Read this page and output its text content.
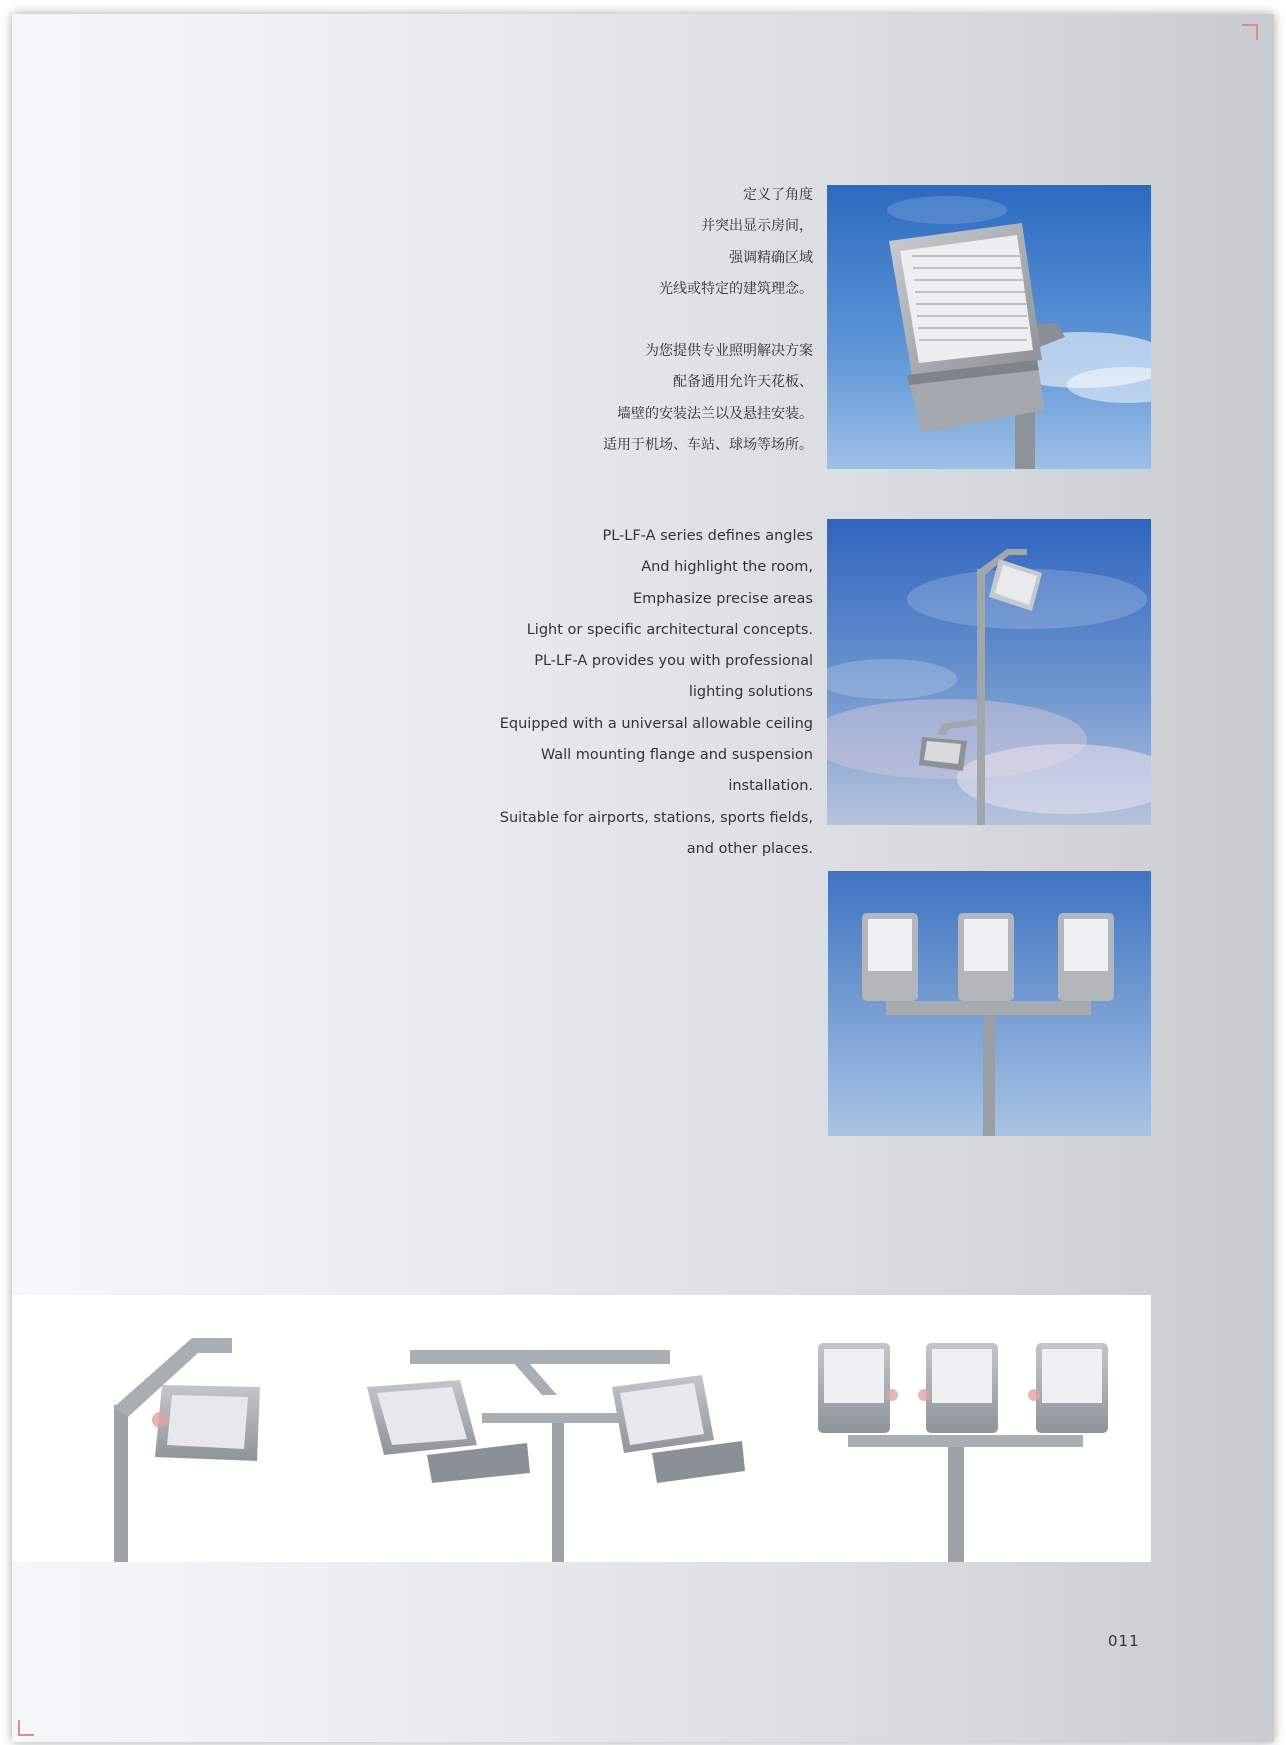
定义了角度
并突出显示房间，
强调精确区域
光线或特定的建筑理念。
为您提供专业照明解决方案
配备通用允许天花板、
墙壁的安装法兰以及悬挂安装。
适用于机场、车站、球场等场所。
PL-LF-A series defines angles
And highlight the room,
Emphasize precise areas
Light or specific architectural concepts.
PL-LF-A provides you with professional
lighting solutions
Equipped with a universal allowable ceiling
Wall mounting flange and suspension
installation.
Suitable for airports, stations, sports fields,
and other places.
011
